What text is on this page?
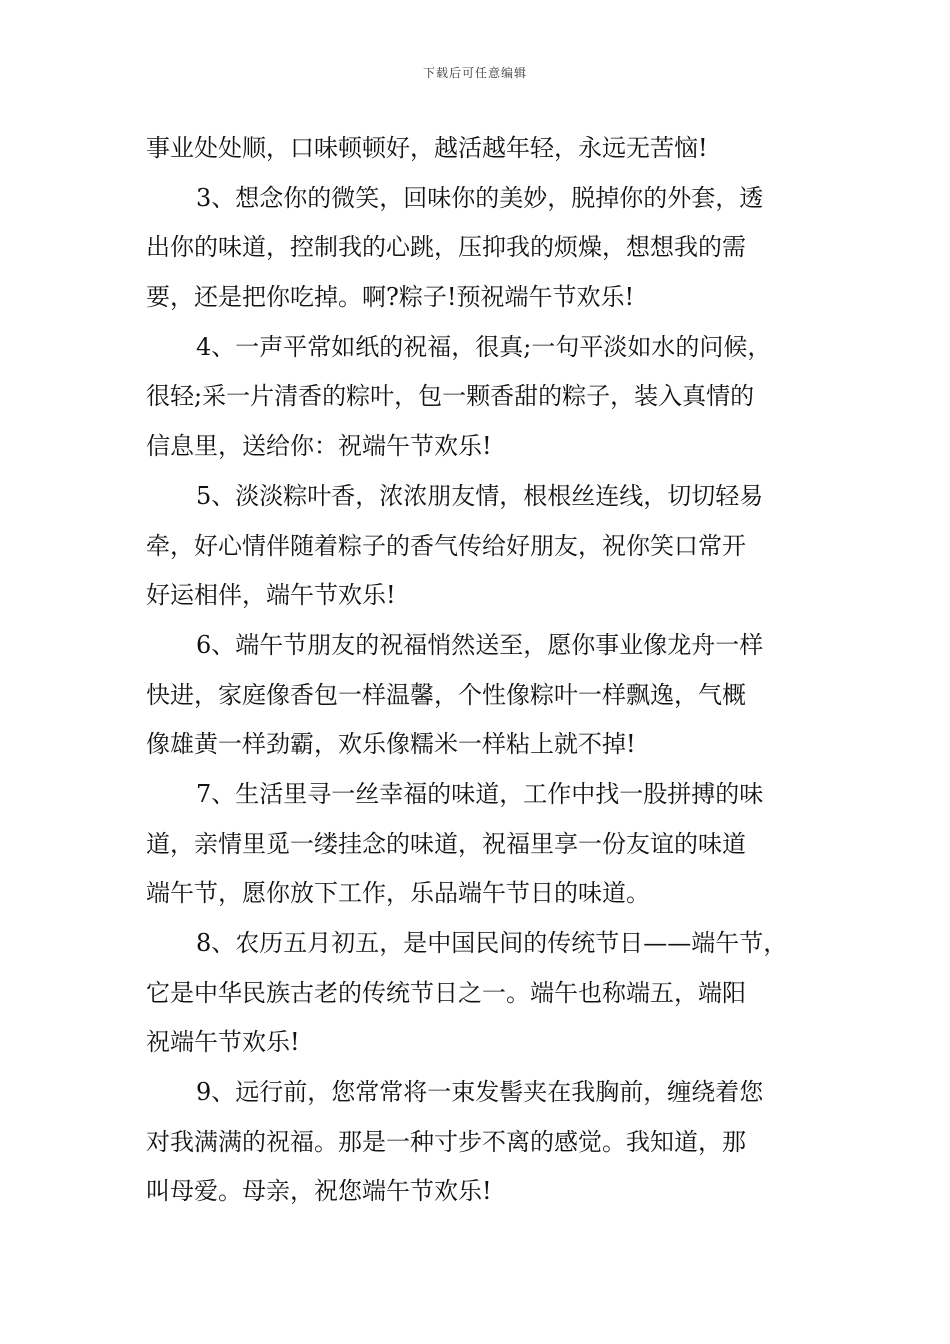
下载后可任意编辑
事业处处顺，口味顿顿好，越活越年轻，永远无苦恼!
3、想念你的微笑，回味你的美妙，脱掉你的外套，透
出你的味道，控制我的心跳，压抑我的烦燥，想想我的需
要，还是把你吃掉。啊?粽子!预祝端午节欢乐!
4、一声平常如纸的祝福，很真;一句平淡如水的问候，
很轻;采一片清香的粽叶，包一颗香甜的粽子，装入真情的
信息里，送给你：祝端午节欢乐!
5、淡淡粽叶香，浓浓朋友情，根根丝连线，切切轻易
牵，好心情伴随着粽子的香气传给好朋友，祝你笑口常开
好运相伴，端午节欢乐!
6、端午节朋友的祝福悄然送至，愿你事业像龙舟一样
快进，家庭像香包一样温馨，个性像粽叶一样飘逸，气概
像雄黄一样劲霸，欢乐像糯米一样粘上就不掉!
7、生活里寻一丝幸福的味道，工作中找一股拼搏的味
道，亲情里觅一缕挂念的味道，祝福里享一份友谊的味道
端午节，愿你放下工作，乐品端午节日的味道。
8、农历五月初五，是中国民间的传统节日——端午节，
它是中华民族古老的传统节日之一。端午也称端五，端阳
祝端午节欢乐!
9、远行前，您常常将一束发髻夹在我胸前，缠绕着您
对我满满的祝福。那是一种寸步不离的感觉。我知道，那
叫母爱。母亲，祝您端午节欢乐!
